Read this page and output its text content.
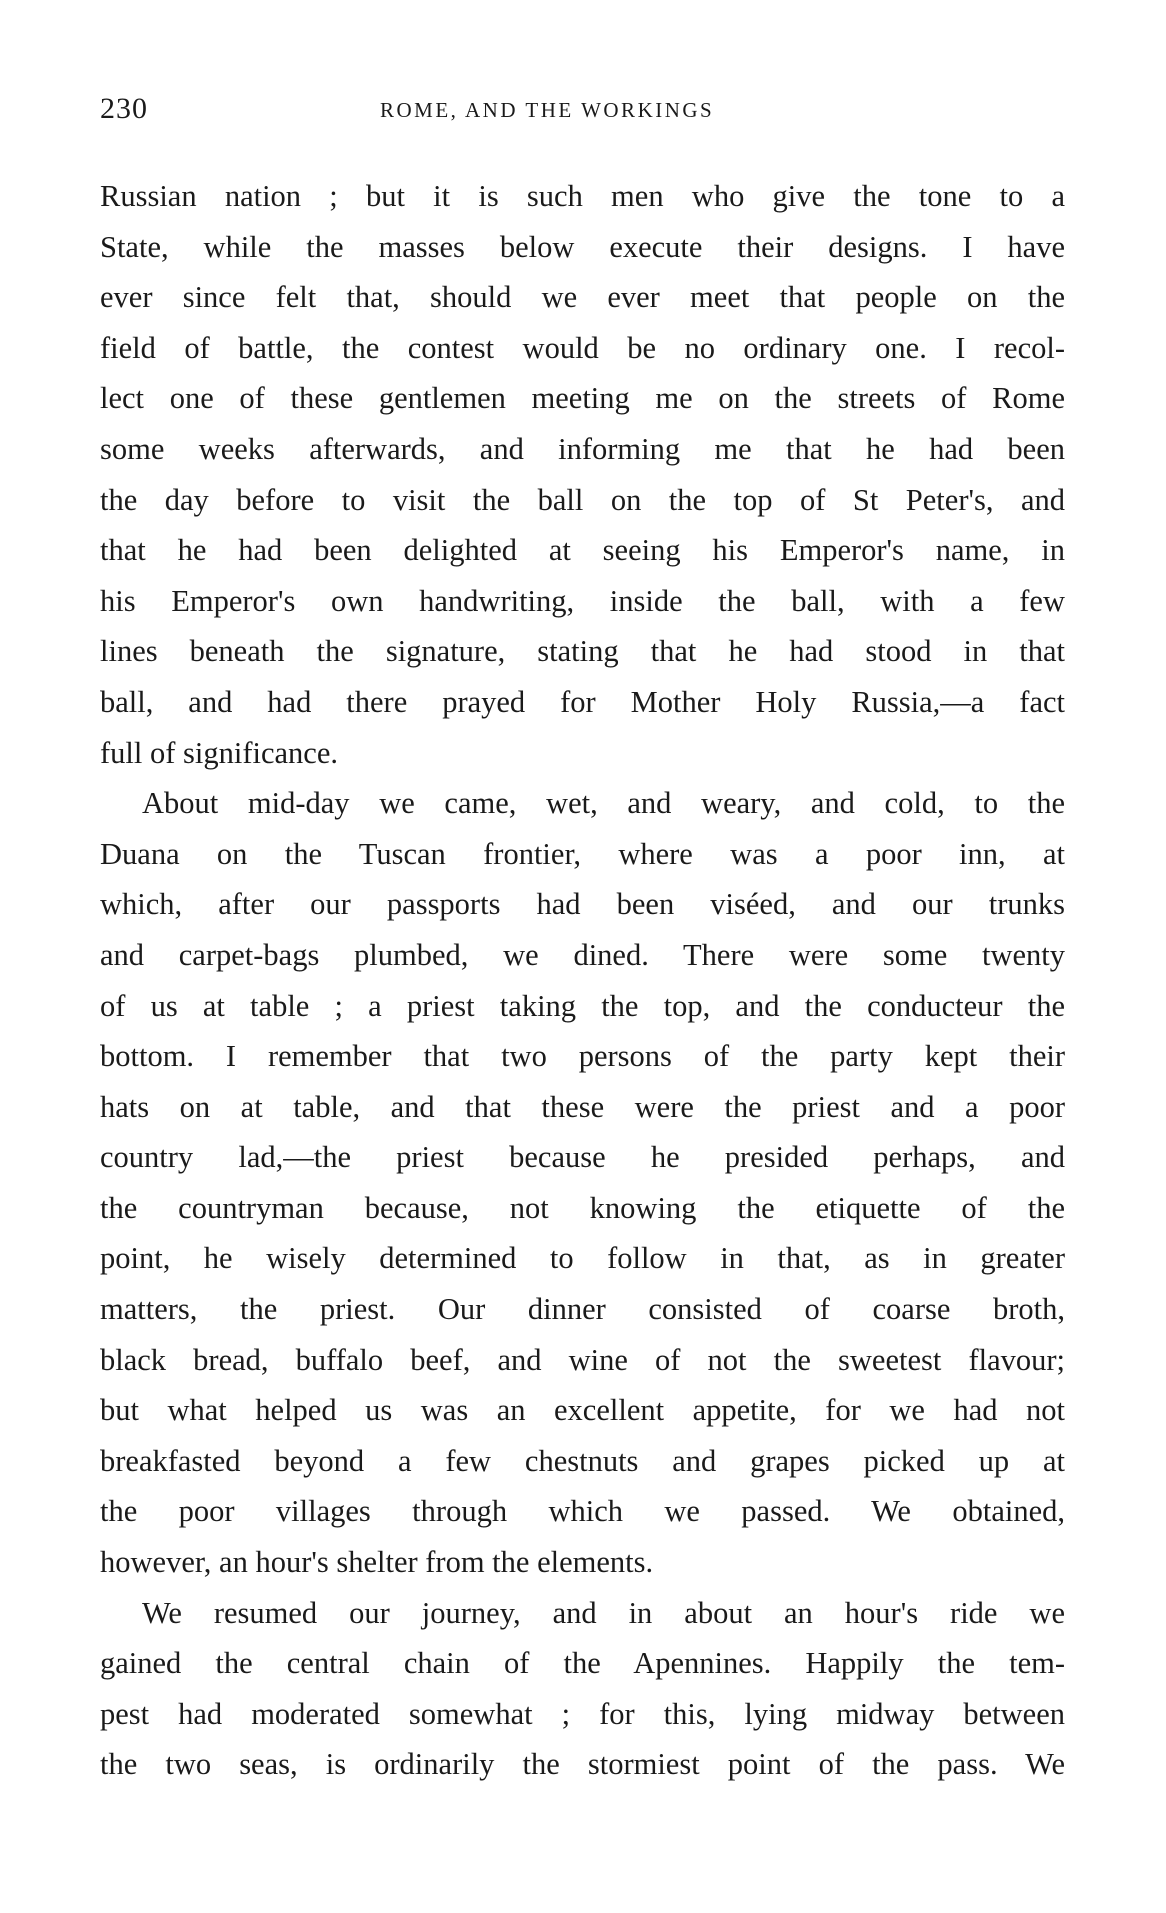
230	ROME, AND THE WORKINGS

Russian nation ; but it is such men who give the tone to a
State, while the masses below execute their designs. I have
ever since felt that, should we ever meet that people on the
field of battle, the contest would be no ordinary one. I recol-
lect one of these gentlemen meeting me on the streets of Rome
some weeks afterwards, and informing me that he had been
the day before to visit the ball on the top of St Peter's, and
that he had been delighted at seeing his Emperor's name, in
his Emperor's own handwriting, inside the ball, with a few
lines beneath the signature, stating that he had stood in that
ball, and had there prayed for Mother Holy Russia,—a fact
full of significance.

About mid-day we came, wet, and weary, and cold, to the
Duana on the Tuscan frontier, where was a poor inn, at
which, after our passports had been viséed, and our trunks
and carpet-bags plumbed, we dined. There were some twenty
of us at table ; a priest taking the top, and the conducteur the
bottom. I remember that two persons of the party kept their
hats on at table, and that these were the priest and a poor
country lad,—the priest because he presided perhaps, and
the countryman because, not knowing the etiquette of the
point, he wisely determined to follow in that, as in greater
matters, the priest. Our dinner consisted of coarse broth,
black bread, buffalo beef, and wine of not the sweetest flavour;
but what helped us was an excellent appetite, for we had not
breakfasted beyond a few chestnuts and grapes picked up at
the poor villages through which we passed. We obtained,
however, an hour's shelter from the elements.

We resumed our journey, and in about an hour's ride we
gained the central chain of the Apennines. Happily the tem-
pest had moderated somewhat ; for this, lying midway between
the two seas, is ordinarily the stormiest point of the pass. We
